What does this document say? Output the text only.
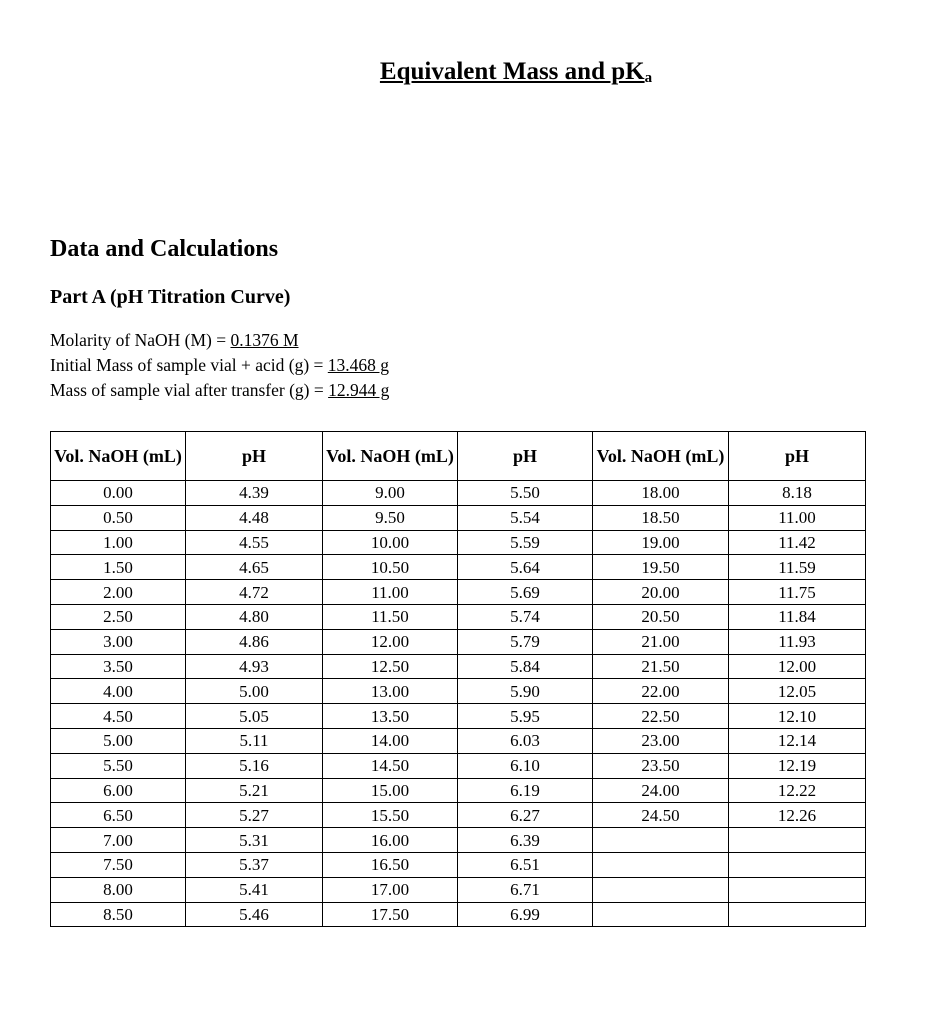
Equivalent Mass and $pK_a$
Data and Calculations
Part A (pH Titration Curve)
Molarity of NaOH (M) = 0.1376 M
Initial Mass of sample vial + acid (g) = 13.468 g
Mass of sample vial after transfer (g) = 12.944 g
Vol. NaOH (mL)	pH	Vol. NaOH (mL)	pH	Vol. NaOH (mL)	pH
0.00	4.39	9.00	5.50	18.00	8.18
0.50	4.48	9.50	5.54	18.50	11.00
1.00	4.55	10.00	5.59	19.00	11.42
1.50	4.65	10.50	5.64	19.50	11.59
2.00	4.72	11.00	5.69	20.00	11.75
2.50	4.80	11.50	5.74	20.50	11.84
3.00	4.86	12.00	5.79	21.00	11.93
3.50	4.93	12.50	5.84	21.50	12.00
4.00	5.00	13.00	5.90	22.00	12.05
4.50	5.05	13.50	5.95	22.50	12.10
5.00	5.11	14.00	6.03	23.00	12.14
5.50	5.16	14.50	6.10	23.50	12.19
6.00	5.21	15.00	6.19	24.00	12.22
6.50	5.27	15.50	6.27	24.50	12.26
7.00	5.31	16.00	6.39		
7.50	5.37	16.50	6.51		
8.00	5.41	17.00	6.71		
8.50	5.46	17.50	6.99		
